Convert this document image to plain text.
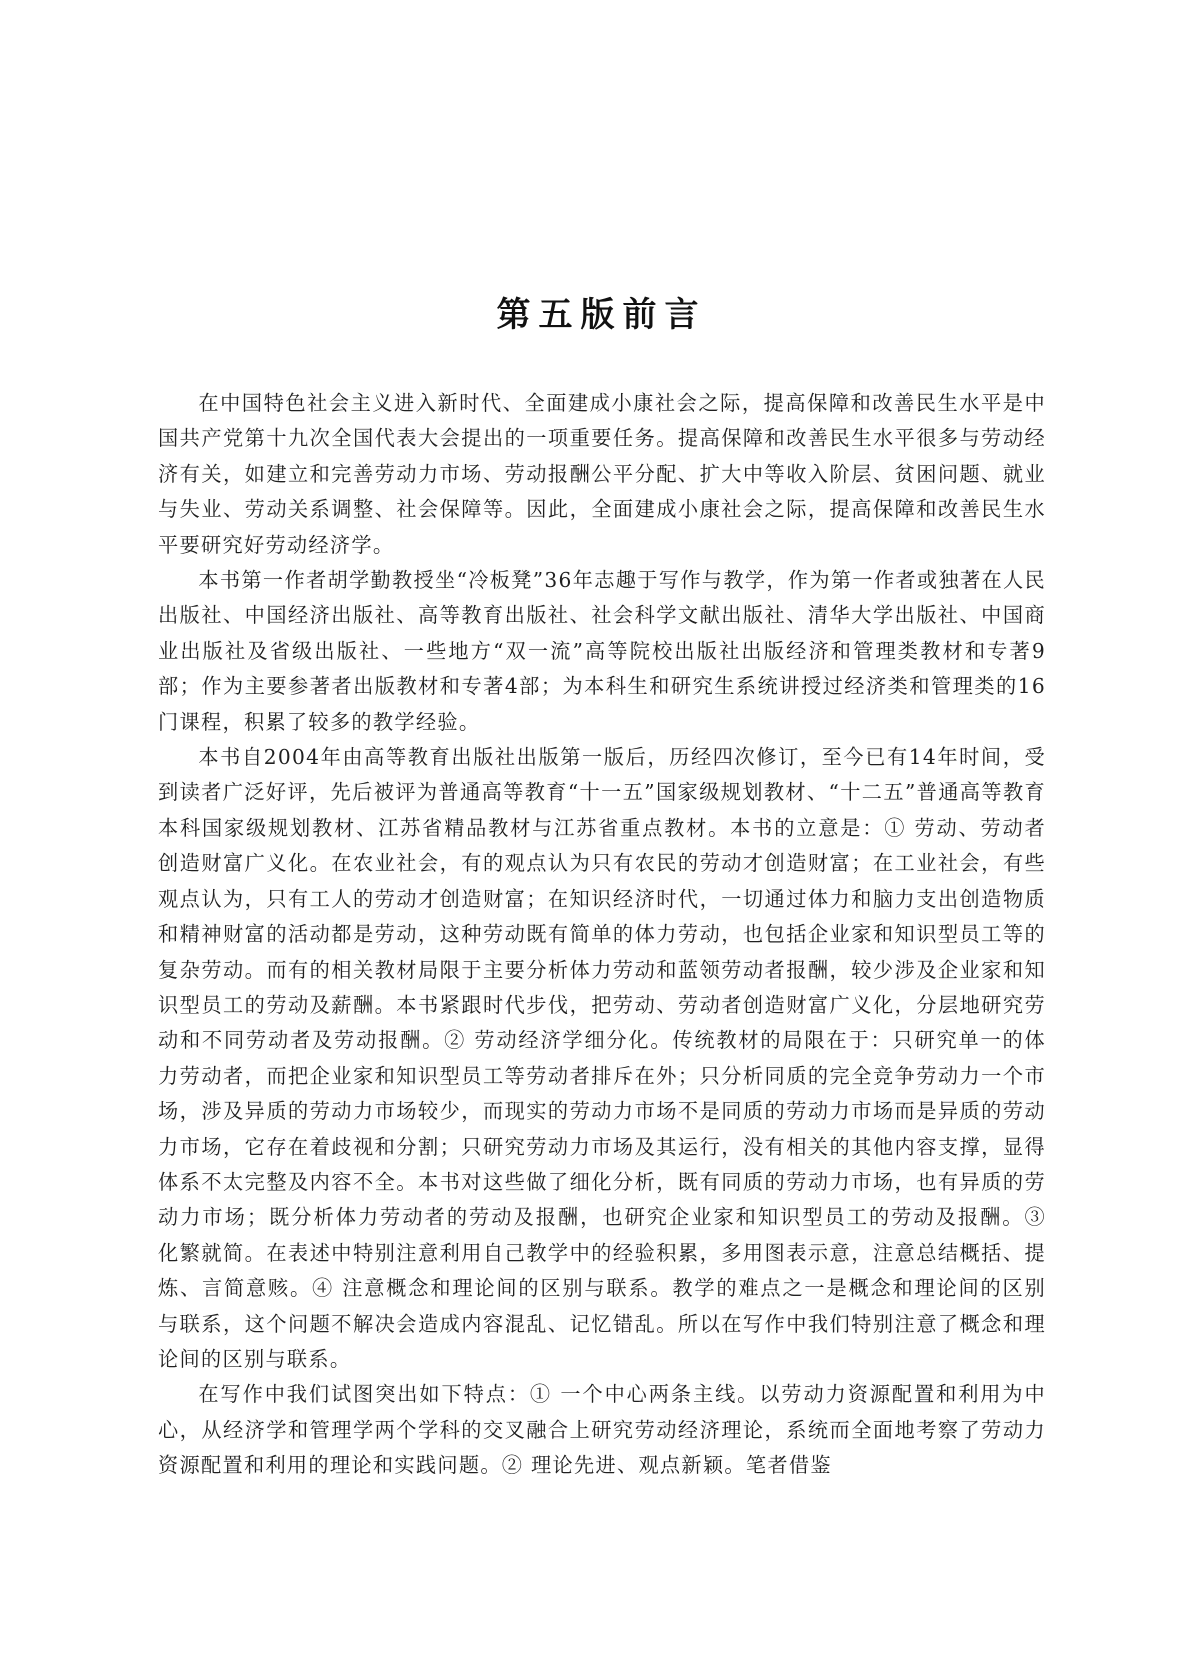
第五版前言

在中国特色社会主义进入新时代、全面建成小康社会之际，提高保障和改善民生水平是中国共产党第十九次全国代表大会提出的一项重要任务。提高保障和改善民生水平很多与劳动经济有关，如建立和完善劳动力市场、劳动报酬公平分配、扩大中等收入阶层、贫困问题、就业与失业、劳动关系调整、社会保障等。因此，全面建成小康社会之际，提高保障和改善民生水平要研究好劳动经济学。

本书第一作者胡学勤教授坐“冷板凳”36年志趣于写作与教学，作为第一作者或独著在人民出版社、中国经济出版社、高等教育出版社、社会科学文献出版社、清华大学出版社、中国商业出版社及省级出版社、一些地方“双一流”高等院校出版社出版经济和管理类教材和专著9部；作为主要参著者出版教材和专著4部；为本科生和研究生系统讲授过经济类和管理类的16门课程，积累了较多的教学经验。

本书自2004年由高等教育出版社出版第一版后，历经四次修订，至今已有14年时间，受到读者广泛好评，先后被评为普通高等教育“十一五”国家级规划教材、“十二五”普通高等教育本科国家级规划教材、江苏省精品教材与江苏省重点教材。本书的立意是：① 劳动、劳动者创造财富广义化。在农业社会，有的观点认为只有农民的劳动才创造财富；在工业社会，有些观点认为，只有工人的劳动才创造财富；在知识经济时代，一切通过体力和脑力支出创造物质和精神财富的活动都是劳动，这种劳动既有简单的体力劳动，也包括企业家和知识型员工等的复杂劳动。而有的相关教材局限于主要分析体力劳动和蓝领劳动者报酬，较少涉及企业家和知识型员工的劳动及薪酬。本书紧跟时代步伐，把劳动、劳动者创造财富广义化，分层地研究劳动和不同劳动者及劳动报酬。② 劳动经济学细分化。传统教材的局限在于：只研究单一的体力劳动者，而把企业家和知识型员工等劳动者排斥在外；只分析同质的完全竞争劳动力一个市场，涉及异质的劳动力市场较少，而现实的劳动力市场不是同质的劳动力市场而是异质的劳动力市场，它存在着歧视和分割；只研究劳动力市场及其运行，没有相关的其他内容支撑，显得体系不太完整及内容不全。本书对这些做了细化分析，既有同质的劳动力市场，也有异质的劳动力市场；既分析体力劳动者的劳动及报酬，也研究企业家和知识型员工的劳动及报酬。③ 化繁就简。在表述中特别注意利用自己教学中的经验积累，多用图表示意，注意总结概括、提炼、言简意赅。④ 注意概念和理论间的区别与联系。教学的难点之一是概念和理论间的区别与联系，这个问题不解决会造成内容混乱、记忆错乱。所以在写作中我们特别注意了概念和理论间的区别与联系。

在写作中我们试图突出如下特点：① 一个中心两条主线。以劳动力资源配置和利用为中心，从经济学和管理学两个学科的交叉融合上研究劳动经济理论，系统而全面地考察了劳动力资源配置和利用的理论和实践问题。② 理论先进、观点新颖。笔者借鉴
